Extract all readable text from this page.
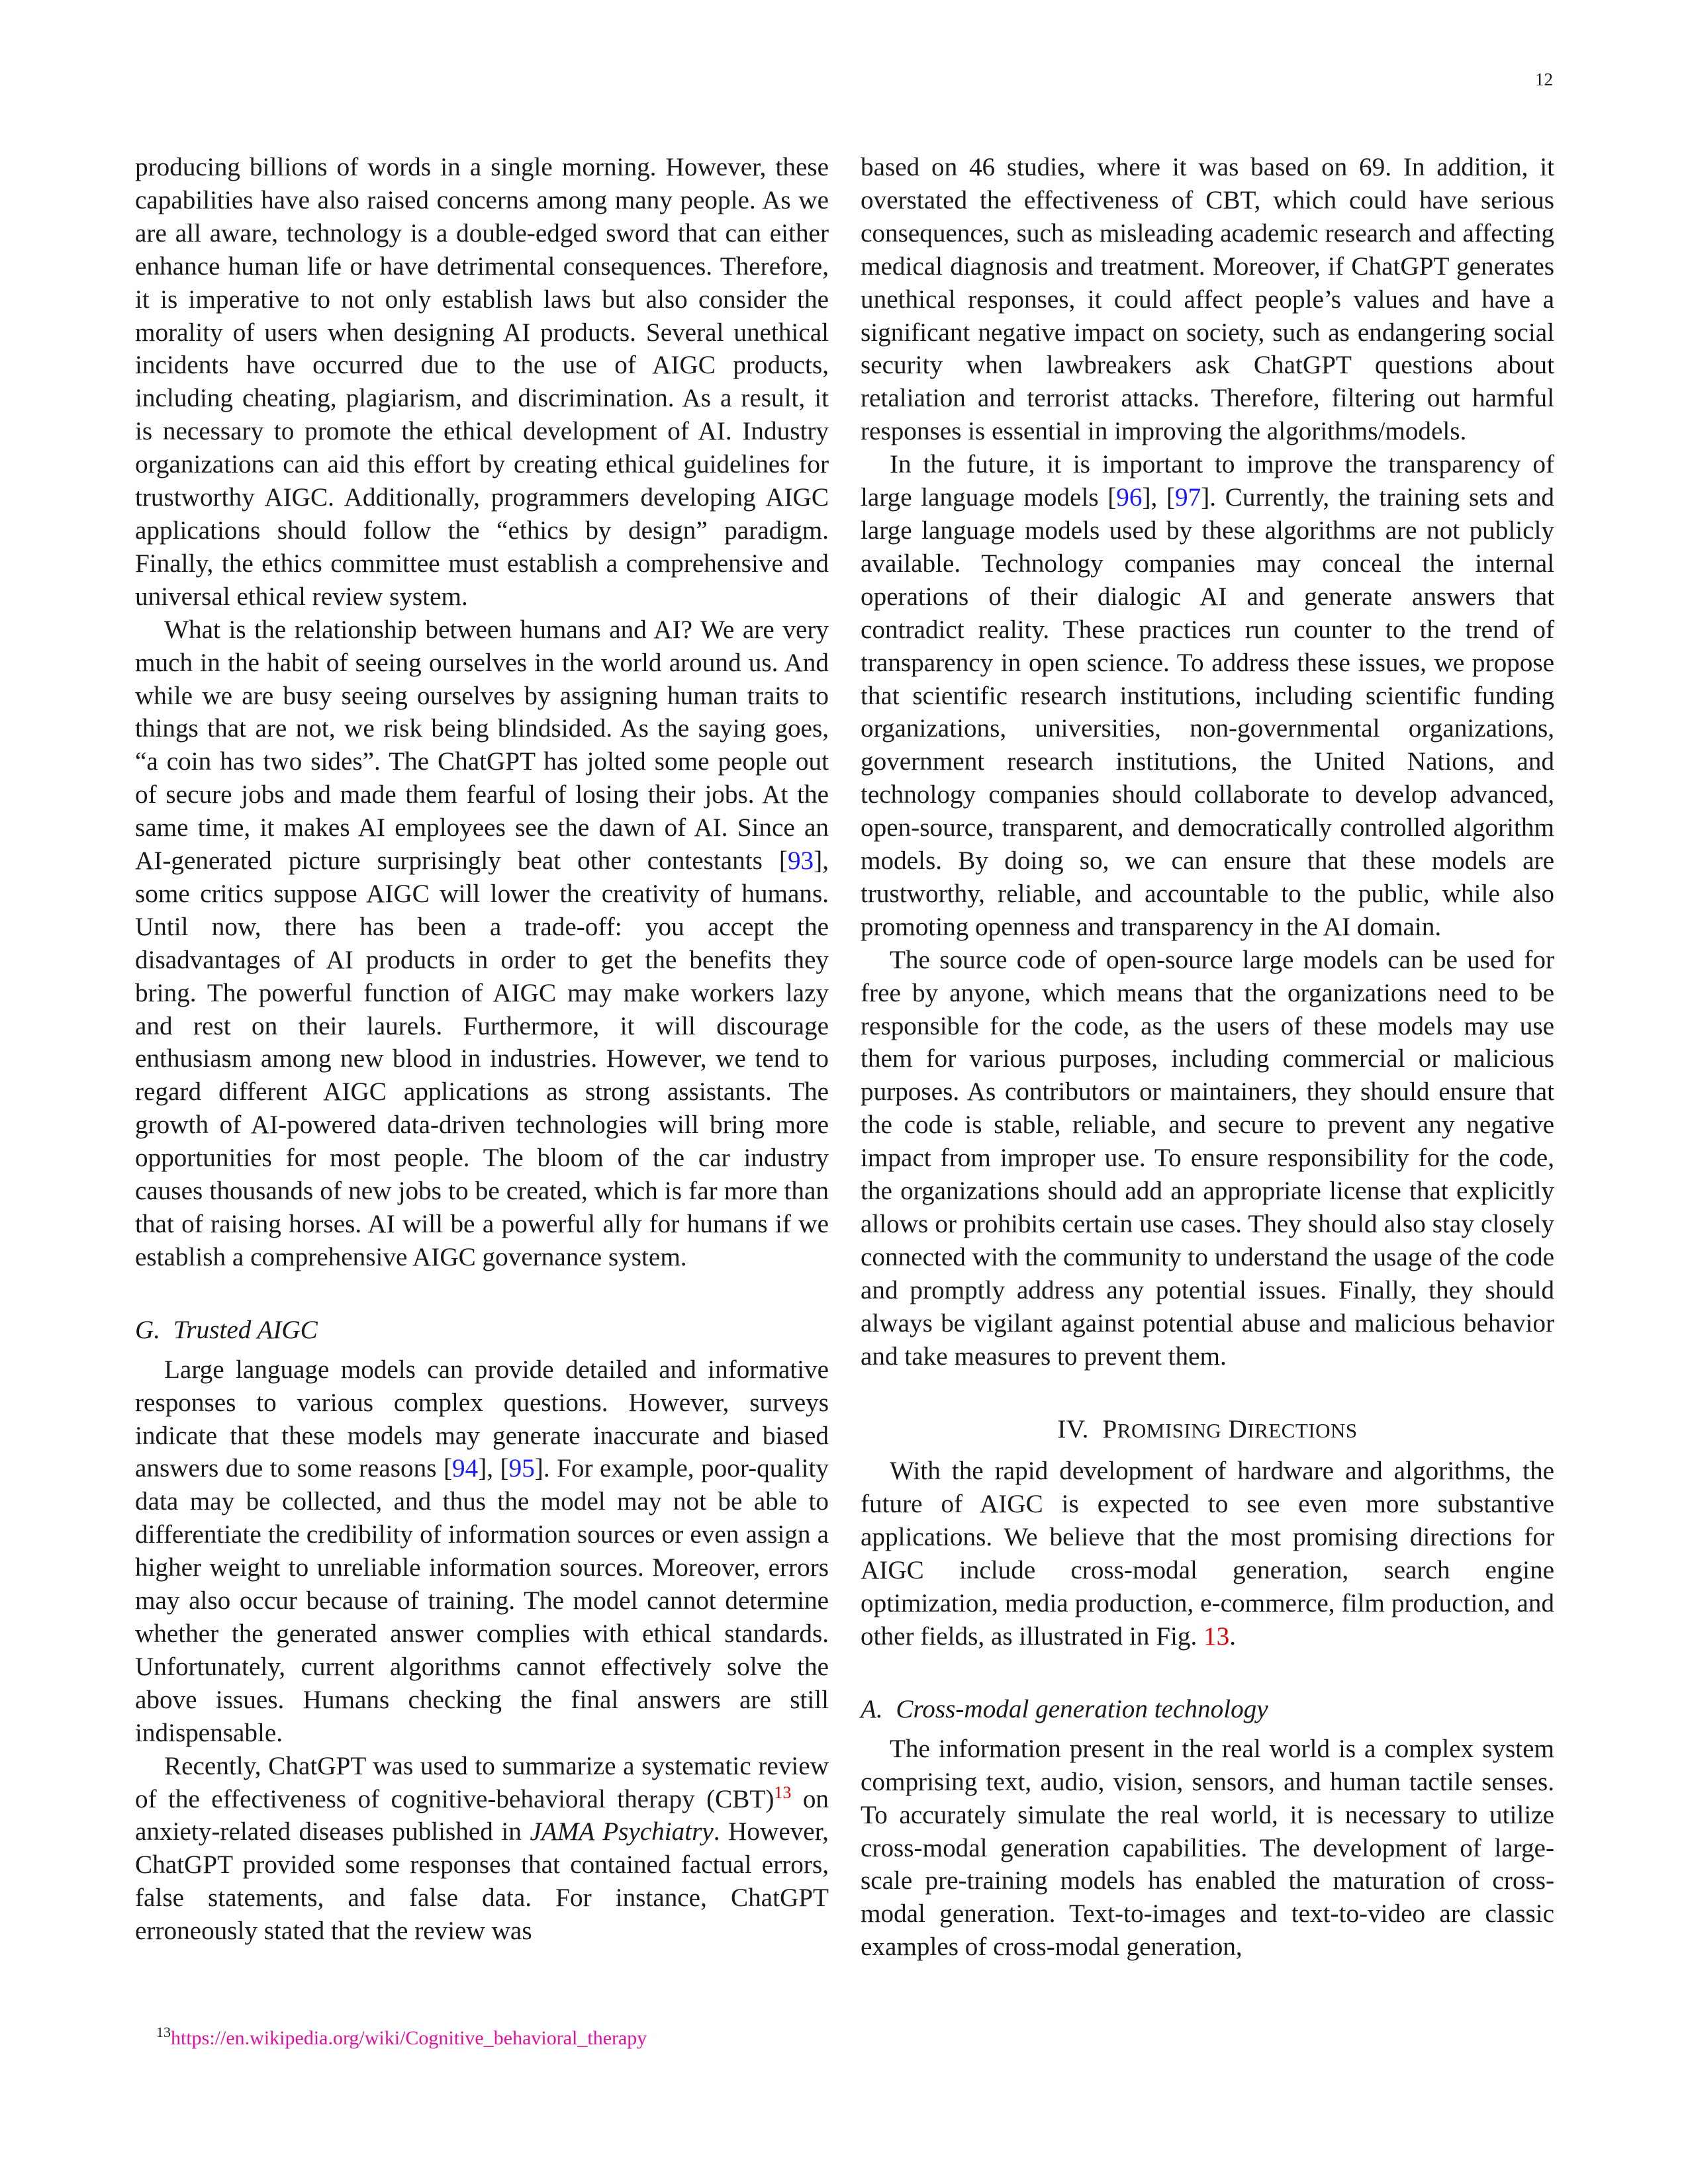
12

producing billions of words in a single morning. However, these capabilities have also raised concerns among many people. As we are all aware, technology is a double-edged sword that can either enhance human life or have detrimental consequences. Therefore, it is imperative to not only establish laws but also consider the morality of users when designing AI products. Several unethical incidents have occurred due to the use of AIGC products, including cheating, plagiarism, and discrimination. As a result, it is necessary to promote the ethical development of AI. Industry organizations can aid this effort by creating ethical guidelines for trustworthy AIGC. Additionally, programmers developing AIGC applications should follow the “ethics by design” paradigm. Finally, the ethics committee must establish a comprehensive and universal ethical review system.

What is the relationship between humans and AI? We are very much in the habit of seeing ourselves in the world around us. And while we are busy seeing ourselves by assigning human traits to things that are not, we risk being blindsided. As the saying goes, “a coin has two sides”. The ChatGPT has jolted some people out of secure jobs and made them fearful of losing their jobs. At the same time, it makes AI employees see the dawn of AI. Since an AI-generated picture surprisingly beat other contestants [93], some critics suppose AIGC will lower the creativity of humans. Until now, there has been a trade-off: you accept the disadvantages of AI products in order to get the benefits they bring. The powerful function of AIGC may make workers lazy and rest on their laurels. Furthermore, it will discourage enthusiasm among new blood in industries. However, we tend to regard different AIGC applications as strong assistants. The growth of AI-powered data-driven technologies will bring more opportunities for most people. The bloom of the car industry causes thousands of new jobs to be created, which is far more than that of raising horses. AI will be a powerful ally for humans if we establish a comprehensive AIGC governance system.

G. Trusted AIGC

Large language models can provide detailed and informative responses to various complex questions. However, surveys indicate that these models may generate inaccurate and biased answers due to some reasons [94], [95]. For example, poor-quality data may be collected, and thus the model may not be able to differentiate the credibility of information sources or even assign a higher weight to unreliable information sources. Moreover, errors may also occur because of training. The model cannot determine whether the generated answer complies with ethical standards. Unfortunately, current algorithms cannot effectively solve the above issues. Humans checking the final answers are still indispensable.

Recently, ChatGPT was used to summarize a systematic review of the effectiveness of cognitive-behavioral therapy (CBT)$^{13}$ on anxiety-related diseases published in JAMA Psychiatry. However, ChatGPT provided some responses that contained factual errors, false statements, and false data. For instance, ChatGPT erroneously stated that the review was

based on 46 studies, where it was based on 69. In addition, it overstated the effectiveness of CBT, which could have serious consequences, such as misleading academic research and affecting medical diagnosis and treatment. Moreover, if ChatGPT generates unethical responses, it could affect people’s values and have a significant negative impact on society, such as endangering social security when lawbreakers ask ChatGPT questions about retaliation and terrorist attacks. Therefore, filtering out harmful responses is essential in improving the algorithms/models.

In the future, it is important to improve the transparency of large language models [96], [97]. Currently, the training sets and large language models used by these algorithms are not publicly available. Technology companies may conceal the internal operations of their dialogic AI and generate answers that contradict reality. These practices run counter to the trend of transparency in open science. To address these issues, we propose that scientific research institutions, including scientific funding organizations, universities, non-governmental organizations, government research institutions, the United Nations, and technology companies should collaborate to develop advanced, open-source, transparent, and democratically controlled algorithm models. By doing so, we can ensure that these models are trustworthy, reliable, and accountable to the public, while also promoting openness and transparency in the AI domain.

The source code of open-source large models can be used for free by anyone, which means that the organizations need to be responsible for the code, as the users of these models may use them for various purposes, including commercial or malicious purposes. As contributors or maintainers, they should ensure that the code is stable, reliable, and secure to prevent any negative impact from improper use. To ensure responsibility for the code, the organizations should add an appropriate license that explicitly allows or prohibits certain use cases. They should also stay closely connected with the community to understand the usage of the code and promptly address any potential issues. Finally, they should always be vigilant against potential abuse and malicious behavior and take measures to prevent them.

IV. PROMISING DIRECTIONS

With the rapid development of hardware and algorithms, the future of AIGC is expected to see even more substantive applications. We believe that the most promising directions for AIGC include cross-modal generation, search engine optimization, media production, e-commerce, film production, and other fields, as illustrated in Fig. 13.

A. Cross-modal generation technology

The information present in the real world is a complex system comprising text, audio, vision, sensors, and human tactile senses. To accurately simulate the real world, it is necessary to utilize cross-modal generation capabilities. The development of large-scale pre-training models has enabled the maturation of cross-modal generation. Text-to-images and text-to-video are classic examples of cross-modal generation,

$^{13}$https://en.wikipedia.org/wiki/Cognitive_behavioral_therapy
